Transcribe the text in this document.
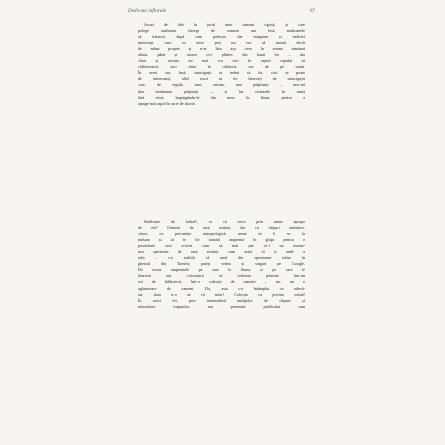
Dedicate inflorale	67
Jocuri de idei în jurul unor oameni rigosă, și care
polege stadioane întregi de oameni sau lasă stadioanele
să trăiască, după cum poftește, dar imaginez și indivizi
interesați, care cu orice preț nu vor să moară decât
de mâna proprie și n-ar lăsa așa ceva în seama nimănui
altuia, până și otrava și-o plătesc din banii lor – dar
chiar și aceștia nu mai vor nici în ruptul capului să
călătorească, nici chiar în călătoria cea de pe urmă.
În acest caz, însă, sinucigașii ar trebui să fie, căci se poate
de interesanți, alfel riscă să fie întreceți de sinucigașii
care, de regulă, sunt oricum mai palpitanți – mie-mi
dau tendeauna palpitații –, și las victimele în urmă
fără efort, împingându-le din mers în lături, pentru a
ajunge mai rapid în carte de istorie.
Stadioane de fotbal?, ce vă trece prin minte apropo
de ele? Oameni de rasă străină, dar cu chipuri autentice,
câroa, cu precumție antropologică, urma să li se la
măsura și să le fie turnată amprenta în ghips pentru o
posteritate care n-avea cum să mai știe ce-i un aseme-
nea specimen de rasă străină, cum arată el și unde a
trăit – s-a stabilit că unul din specimene trăise în
ghetoul din Tarnów, puteți vedea și singuri pe Google.
De aceea amprentele pe care le lăsase și pe care le
lăsaseră toți colocatarii să trebuiau păstrate într-un
soi de bibliotecă, într-o colecție de oameni – nu, nu o
aglomerare de oameni. Da, asta s-a întâmplat cu adevă-
rat, doar n-o să vă mint! Colecția cu pricina există!
În acest fel, prin intermediul mulajelor de chipuri și
măsurători trupurilor, am prezentat publicului cum
